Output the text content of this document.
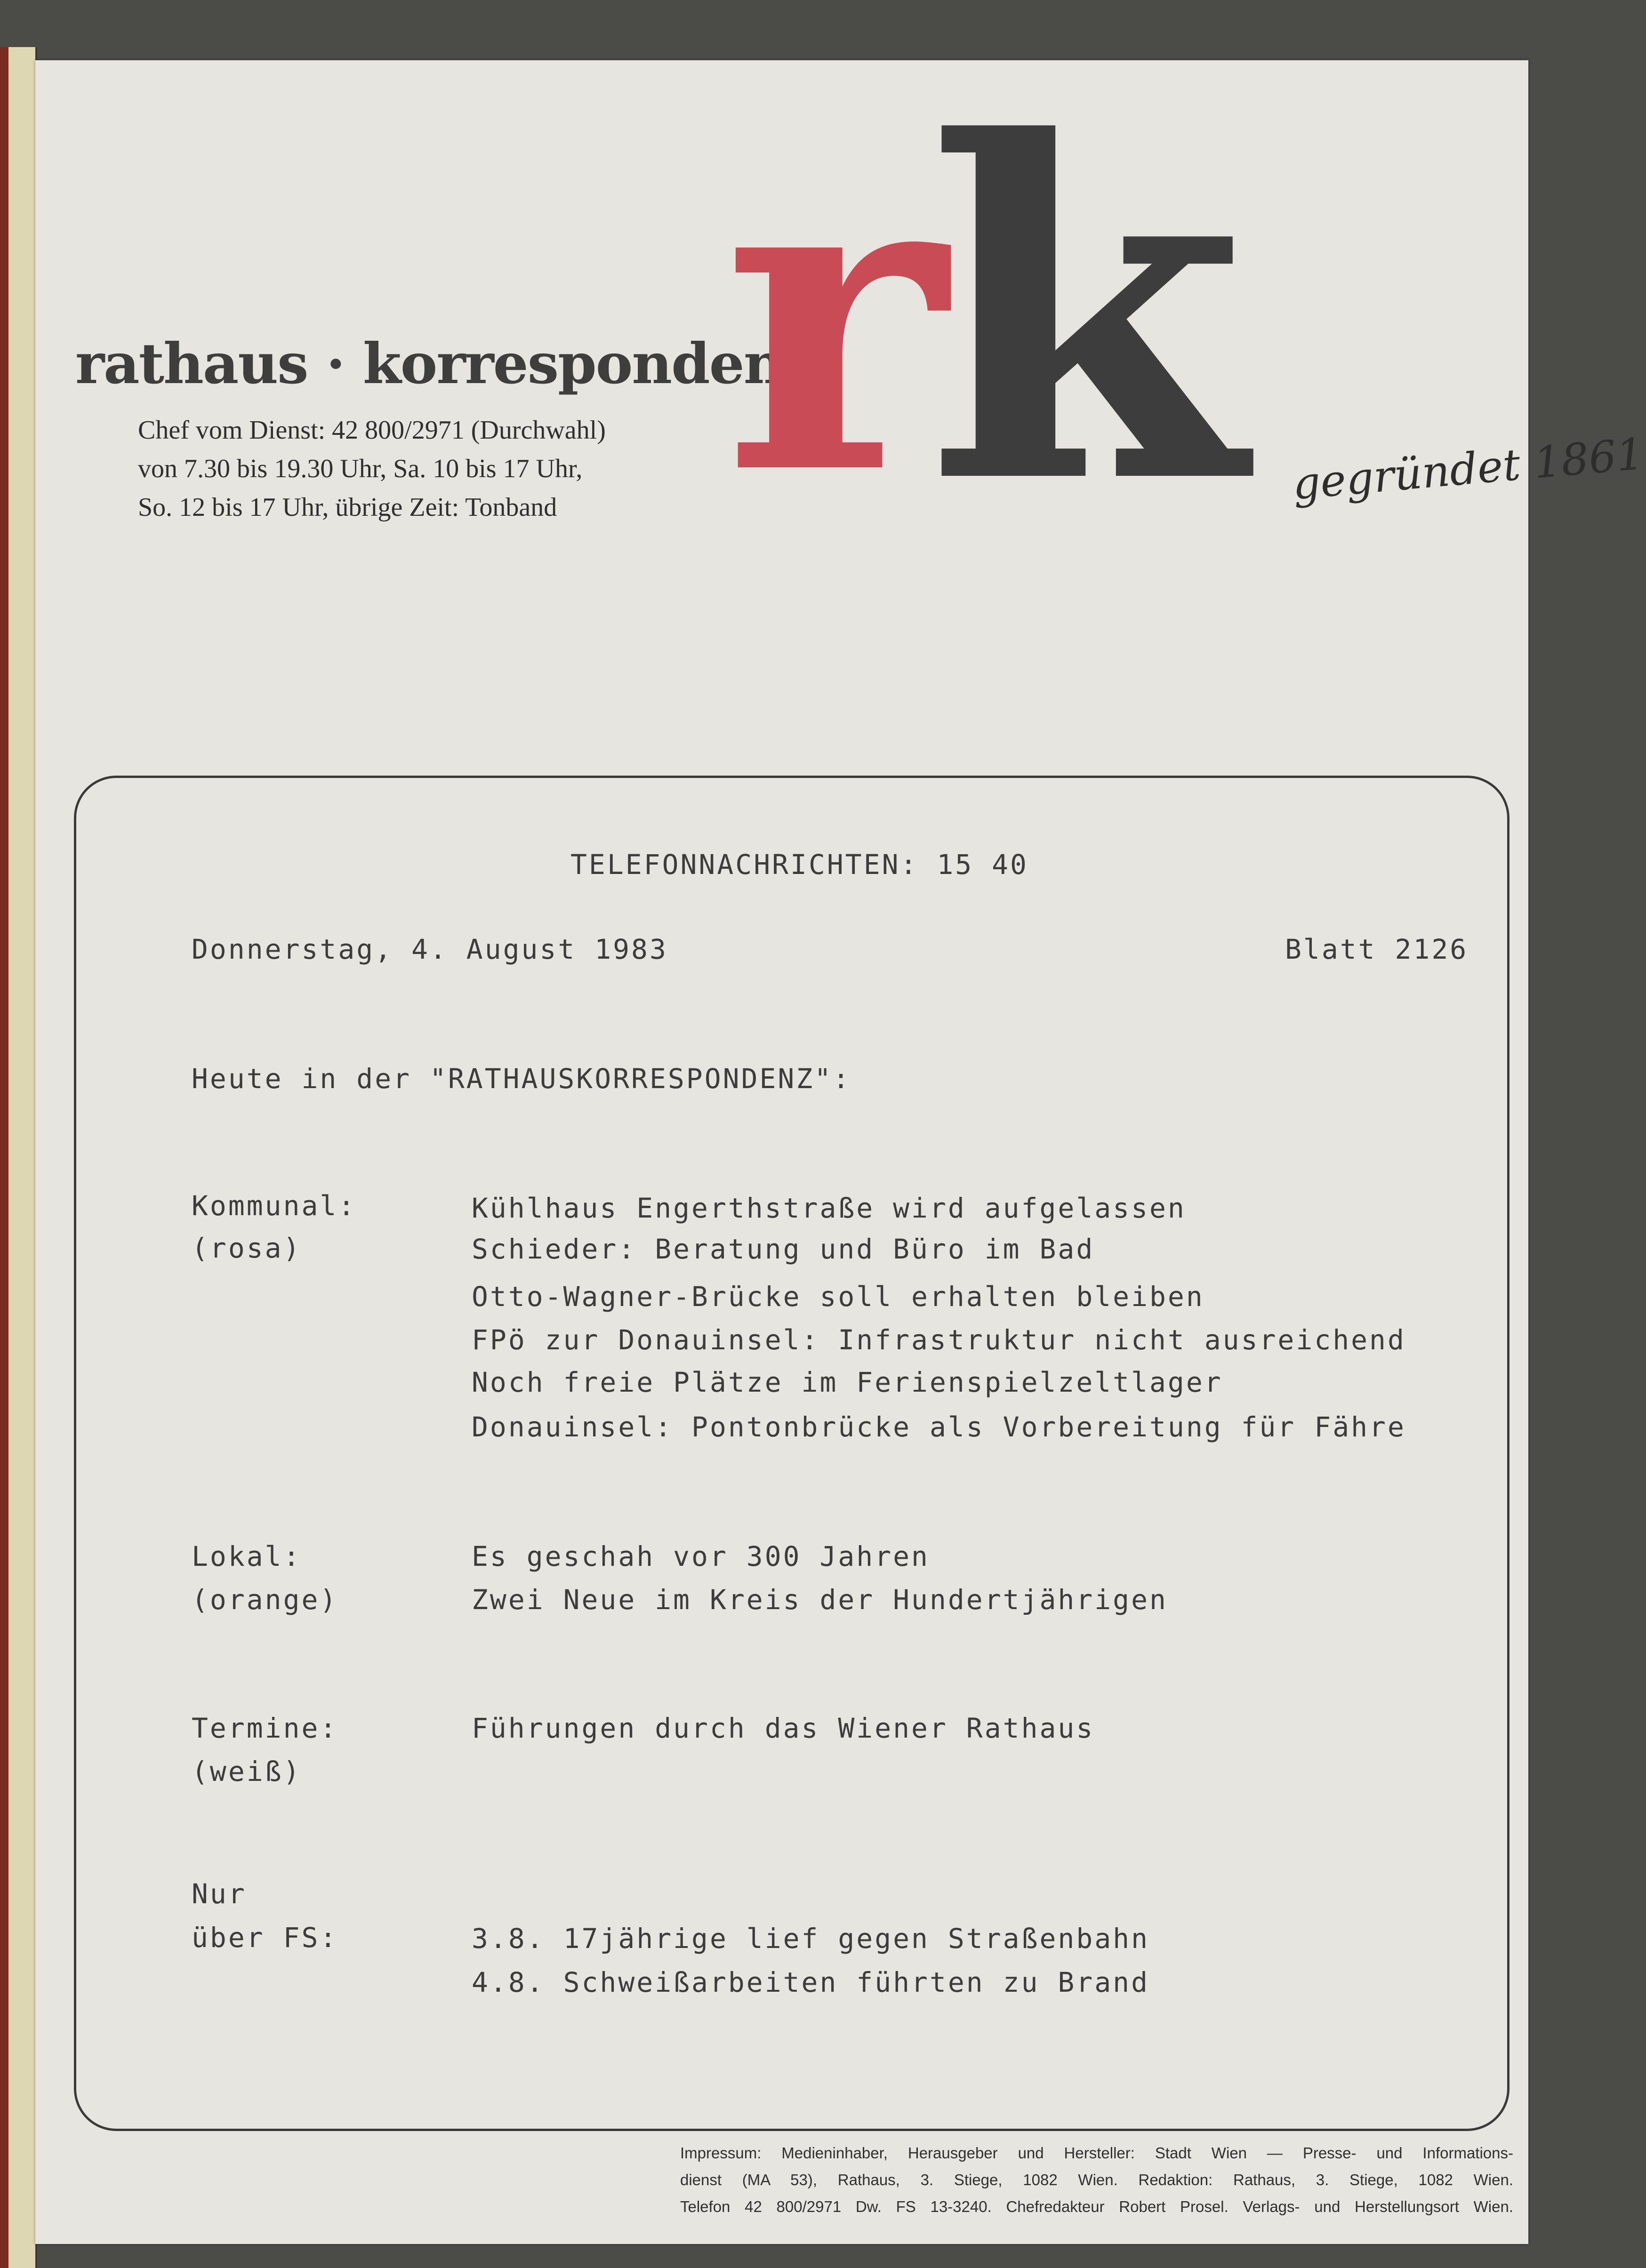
rathaus · korrespondenz
Chef vom Dienst: 42 800/2971 (Durchwahl)
von 7.30 bis 19.30 Uhr, Sa. 10 bis 17 Uhr,
So. 12 bis 17 Uhr, übrige Zeit: Tonband r
k gegründet 1861
TELEFONNACHRICHTEN: 15 40
Donnerstag, 4. August 1983	Blatt 2126
Heute in der "RATHAUSKORRESPONDENZ":
Kommunal:
(rosa)
Kühlhaus Engerthstraße wird aufgelassen
Schieder: Beratung und Büro im Bad
Otto-Wagner-Brücke soll erhalten bleiben
FPö zur Donauinsel: Infrastruktur nicht ausreichend
Noch freie Plätze im Ferienspielzeltlager
Donauinsel: Pontonbrücke als Vorbereitung für Fähre
Lokal:
(orange)
Es geschah vor 300 Jahren
Zwei Neue im Kreis der Hundertjährigen
Termine:
(weiß)
Führungen durch das Wiener Rathaus
Nur
über FS:	3.8. 17jährige lief gegen Straßenbahn
4.8. Schweißarbeiten führten zu Brand
Impressum: Medieninhaber, Herausgeber und Hersteller: Stadt Wien — Presse- und Informations-
dienst (MA 53), Rathaus, 3. Stiege, 1082 Wien. Redaktion: Rathaus, 3. Stiege, 1082 Wien.
Telefon 42 800/2971 Dw. FS 13-3240. Chefredakteur Robert Prosel. Verlags- und Herstellungsort Wien.
